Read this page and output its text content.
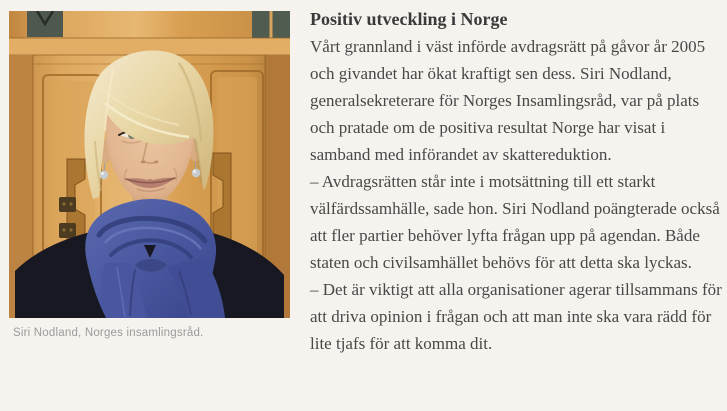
Siri Nodland, Norges insamlingsråd.
Positiv utveckling i Norge

Vårt grannland i väst införde avdragsrätt på gåvor år 2005 och givandet har ökat kraftigt sen dess. Siri Nodland, generalsekreterare för Norges Insamlingsråd, var på plats och pratade om de positiva resultat Norge har visat i samband med införandet av skattereduktion.

– Avdragsrätten står inte i motsättning till ett starkt välfärdssamhälle, sade hon. Siri Nodland poängterade också att fler partier behöver lyfta frågan upp på agendan. Både staten och civilsamhället behövs för att detta ska lyckas.

– Det är viktigt att alla organisationer agerar tillsammans för att driva opinion i frågan och att man inte ska vara rädd för lite tjafs för att komma dit.
